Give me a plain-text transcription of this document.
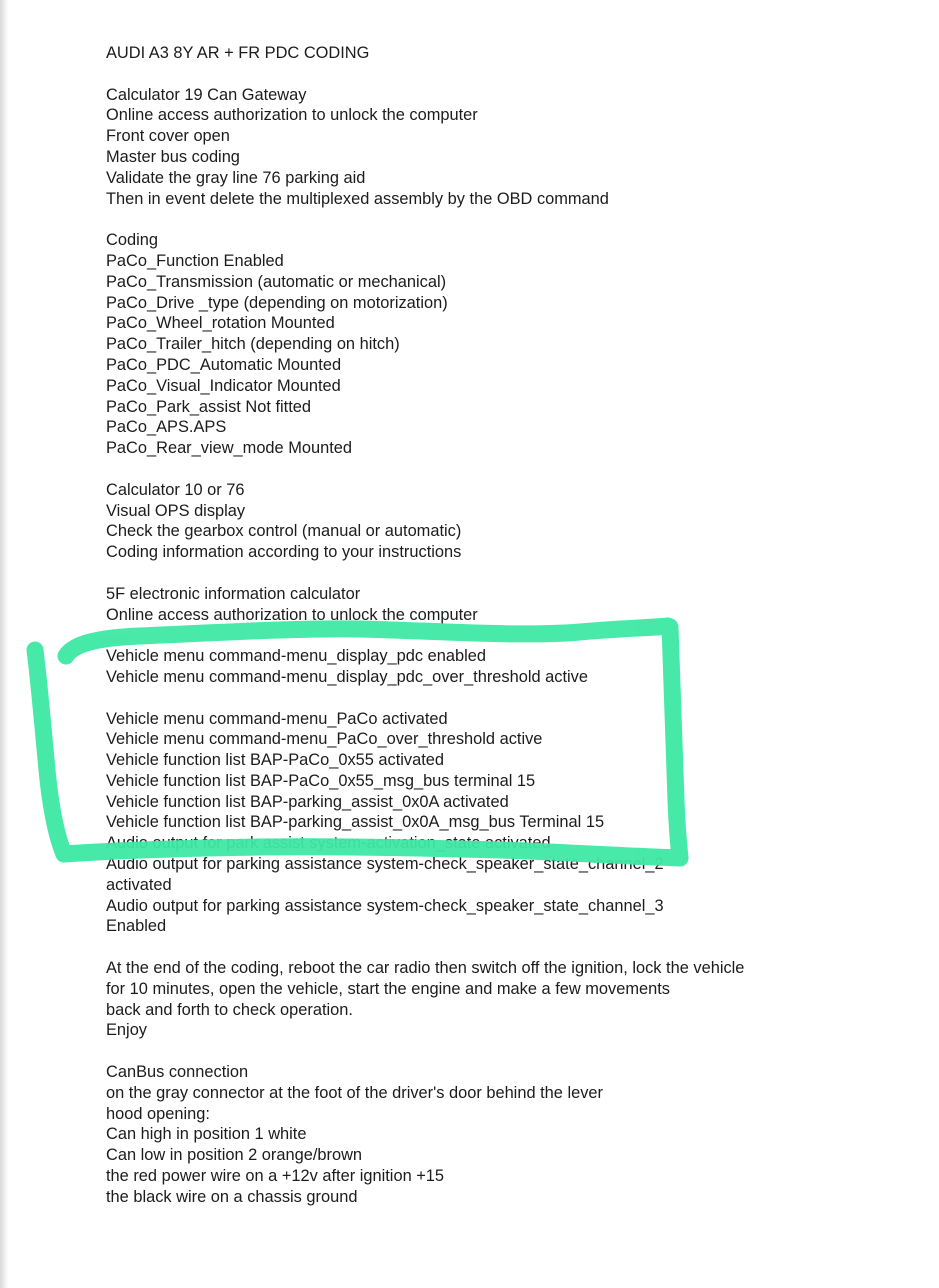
AUDI A3 8Y AR + FR PDC CODING
Calculator 19 Can Gateway
Online access authorization to unlock the computer
Front cover open
Master bus coding
Validate the gray line 76 parking aid
Then in event delete the multiplexed assembly by the OBD command
Coding
PaCo_Function Enabled
PaCo_Transmission (automatic or mechanical)
PaCo_Drive _type (depending on motorization)
PaCo_Wheel_rotation Mounted
PaCo_Trailer_hitch (depending on hitch)
PaCo_PDC_Automatic Mounted
PaCo_Visual_Indicator Mounted
PaCo_Park_assist Not fitted
PaCo_APS.APS
PaCo_Rear_view_mode Mounted
Calculator 10 or 76
Visual OPS display
Check the gearbox control (manual or automatic)
Coding information according to your instructions
5F electronic information calculator
Online access authorization to unlock the computer
Vehicle menu command-menu_display_pdc enabled
Vehicle menu command-menu_display_pdc_over_threshold active
Vehicle menu command-menu_PaCo activated
Vehicle menu command-menu_PaCo_over_threshold active
Vehicle function list BAP-PaCo_0x55 activated
Vehicle function list BAP-PaCo_0x55_msg_bus terminal 15
Vehicle function list BAP-parking_assist_0x0A activated
Vehicle function list BAP-parking_assist_0x0A_msg_bus Terminal 15
Audio output for park assist system-activation_state activated
Audio output for parking assistance system-check_speaker_state_channel_2
activated
Audio output for parking assistance system-check_speaker_state_channel_3
Enabled
At the end of the coding, reboot the car radio then switch off the ignition, lock the vehicle
for 10 minutes, open the vehicle, start the engine and make a few movements
back and forth to check operation.
Enjoy
CanBus connection
on the gray connector at the foot of the driver's door behind the lever
hood opening:
Can high in position 1 white
Can low in position 2 orange/brown
the red power wire on a +12v after ignition +15
the black wire on a chassis ground
